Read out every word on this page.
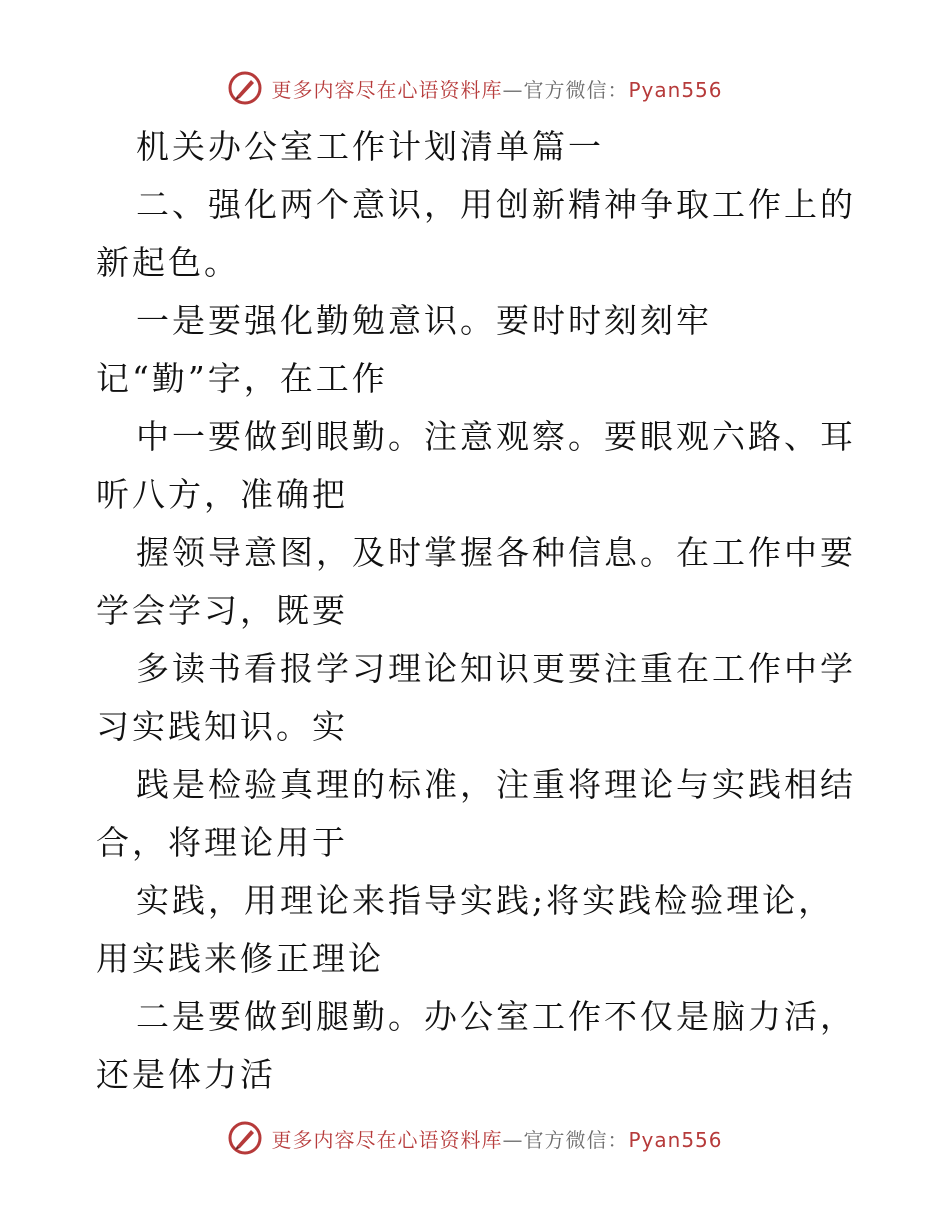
更多内容尽在心语资料库—官方微信：Pyan556

机关办公室工作计划清单篇一

二、强化两个意识，用创新精神争取工作上的新起色。

一是要强化勤勉意识。要时时刻刻牢

记“勤”字，在工作

中一要做到眼勤。注意观察。要眼观六路、耳听八方，准确把

握领导意图，及时掌握各种信息。在工作中要学会学习，既要

多读书看报学习理论知识更要注重在工作中学习实践知识。实

践是检验真理的标准，注重将理论与实践相结合，将理论用于

实践，用理论来指导实践;将实践检验理论，用实践来修正理论

二是要做到腿勤。办公室工作不仅是脑力活，还是体力活

更多内容尽在心语资料库—官方微信：Pyan556
